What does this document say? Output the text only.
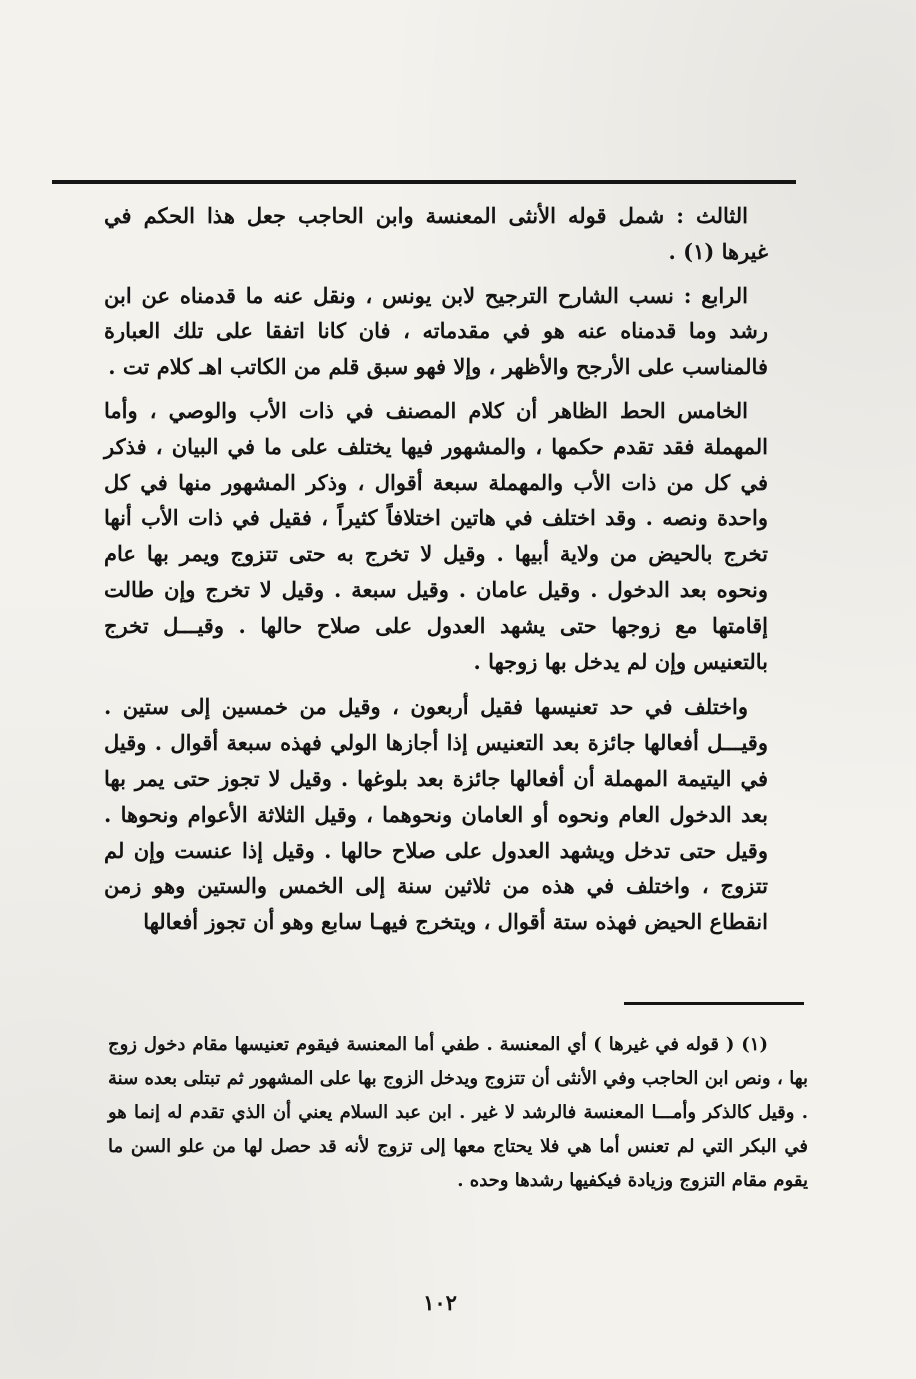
الثالث : شمل قوله الأنثى المعنسة وابن الحاجب جعل هذا الحكم في غيرها (١) .

الرابع : نسب الشارح الترجيح لابن يونس ، ونقل عنه ما قدمناه عن ابن رشد وما قدمناه عنه هو في مقدماته ، فان كانا اتفقا على تلك العبارة فالمناسب على الأرجح والأظهر ، وإلا فهو سبق قلم من الكاتب اهـ كلام تت .

الخامس الحط الظاهر أن كلام المصنف في ذات الأب والوصي ، وأما المهملة فقد تقدم حكمها ، والمشهور فيها يختلف على ما في البيان ، فذكر في كل من ذات الأب والمهملة سبعة أقوال ، وذكر المشهور منها في كل واحدة ونصه . وقد اختلف في هاتين اختلافاً كثيراً ، فقيل في ذات الأب أنها تخرج بالحيض من ولاية أبيها . وقيل لا تخرج به حتى تتزوج ويمر بها عام ونحوه بعد الدخول . وقيل عامان . وقيل سبعة . وقيل لا تخرج وإن طالت إقامتها مع زوجها حتى يشهد العدول على صلاح حالها . وقيـــل تخرج بالتعنيس وإن لم يدخل بها زوجها .

واختلف في حد تعنيسها فقيل أربعون ، وقيل من خمسين إلى ستين . وقيـــل أفعالها جائزة بعد التعنيس إذا أجازها الولي فهذه سبعة أقوال . وقيل في اليتيمة المهملة أن أفعالها جائزة بعد بلوغها . وقيل لا تجوز حتى يمر بها بعد الدخول العام ونحوه أو العامان ونحوهما ، وقيل الثلاثة الأعوام ونحوها . وقيل حتى تدخل ويشهد العدول على صلاح حالها . وقيل إذا عنست وإن لم تتزوج ، واختلف في هذه من ثلاثين سنة إلى الخمس والستين وهو زمن انقطاع الحيض فهذه ستة أقوال ، ويتخرج فيهـا سابع وهو أن تجوز أفعالها

(١) ( قوله في غيرها ) أي المعنسة . طفي أما المعنسة فيقوم تعنيسها مقام دخول زوج بها ، ونص ابن الحاجب وفي الأنثى أن تتزوج ويدخل الزوج بها على المشهور ثم تبتلى بعده سنة . وقيل كالذكر وأمـــا المعنسة فالرشد لا غير . ابن عبد السلام يعني أن الذي تقدم له إنما هو في البكر التي لم تعنس أما هي فلا يحتاج معها إلى تزوج لأنه قد حصل لها من علو السن ما يقوم مقام التزوج وزيادة فيكفيها رشدها وحده .

١٠٢
